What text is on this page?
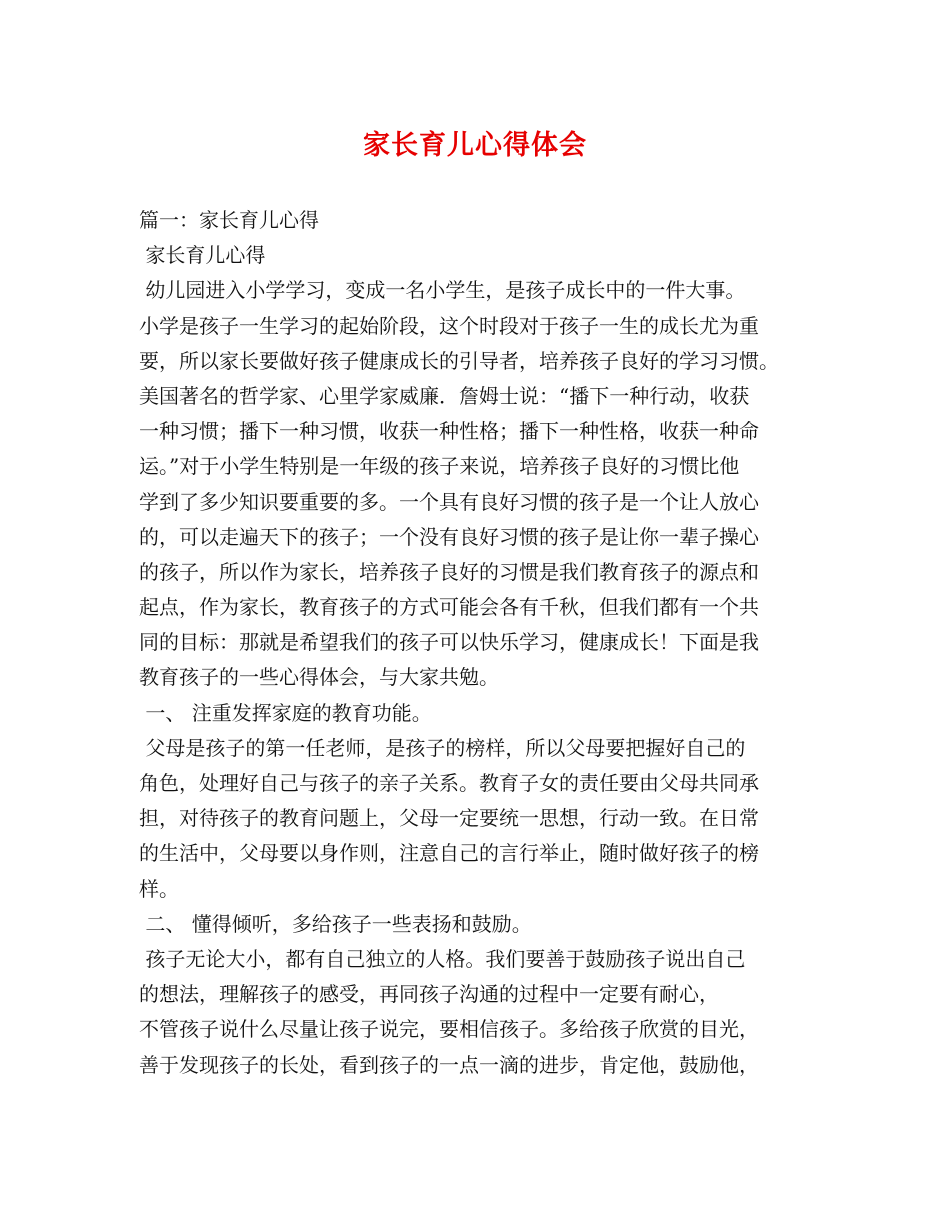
家长育儿心得体会
篇一：家长育儿心得
家长育儿心得
幼儿园进入小学学习，变成一名小学生，是孩子成长中的一件大事。
小学是孩子一生学习的起始阶段，这个时段对于孩子一生的成长尤为重
要，所以家长要做好孩子健康成长的引导者，培养孩子良好的学习习惯。
美国著名的哲学家、心里学家威廉．詹姆士说：“播下一种行动，收获
一种习惯；播下一种习惯，收获一种性格；播下一种性格，收获一种命
运。”对于小学生特别是一年级的孩子来说，培养孩子良好的习惯比他
学到了多少知识要重要的多。一个具有良好习惯的孩子是一个让人放心
的，可以走遍天下的孩子；一个没有良好习惯的孩子是让你一辈子操心
的孩子，所以作为家长，培养孩子良好的习惯是我们教育孩子的源点和
起点，作为家长，教育孩子的方式可能会各有千秋，但我们都有一个共
同的目标：那就是希望我们的孩子可以快乐学习，健康成长！下面是我
教育孩子的一些心得体会，与大家共勉。
一、 注重发挥家庭的教育功能。
父母是孩子的第一任老师，是孩子的榜样，所以父母要把握好自己的
角色，处理好自己与孩子的亲子关系。教育子女的责任要由父母共同承
担，对待孩子的教育问题上，父母一定要统一思想，行动一致。在日常
的生活中，父母要以身作则，注意自己的言行举止，随时做好孩子的榜
样。
二、 懂得倾听，多给孩子一些表扬和鼓励。
孩子无论大小，都有自己独立的人格。我们要善于鼓励孩子说出自己
的想法，理解孩子的感受，再同孩子沟通的过程中一定要有耐心，
不管孩子说什么尽量让孩子说完，要相信孩子。多给孩子欣赏的目光，
善于发现孩子的长处，看到孩子的一点一滴的进步，肯定他，鼓励他，
